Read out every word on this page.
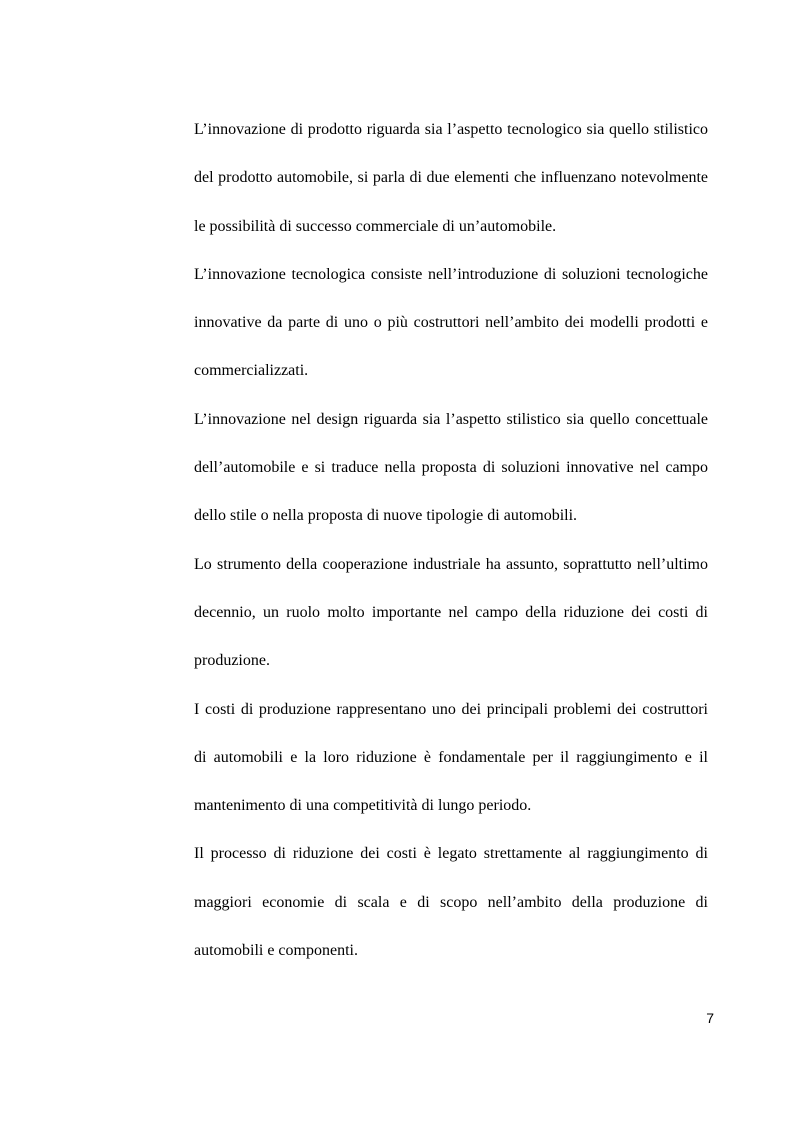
L’innovazione di prodotto riguarda sia l’aspetto tecnologico sia quello stilistico del prodotto automobile, si parla di due elementi che influenzano notevolmente le possibilità di successo commerciale di un’automobile.

L’innovazione tecnologica consiste nell’introduzione di soluzioni tecnologiche innovative da parte di uno o più costruttori nell’ambito dei modelli prodotti e commercializzati.

L’innovazione nel design riguarda sia l’aspetto stilistico sia quello concettuale dell’automobile e si traduce nella proposta di soluzioni innovative nel campo dello stile o nella proposta di nuove tipologie di automobili.

Lo strumento della cooperazione industriale ha assunto, soprattutto nell’ultimo decennio, un ruolo molto importante nel campo della riduzione dei costi di produzione.

I costi di produzione rappresentano uno dei principali problemi dei costruttori di automobili e la loro riduzione è fondamentale per il raggiungimento e il mantenimento di una competitività di lungo periodo.

Il processo di riduzione dei costi è legato strettamente al raggiungimento di maggiori economie di scala e di scopo nell’ambito della produzione di automobili e componenti.

7
